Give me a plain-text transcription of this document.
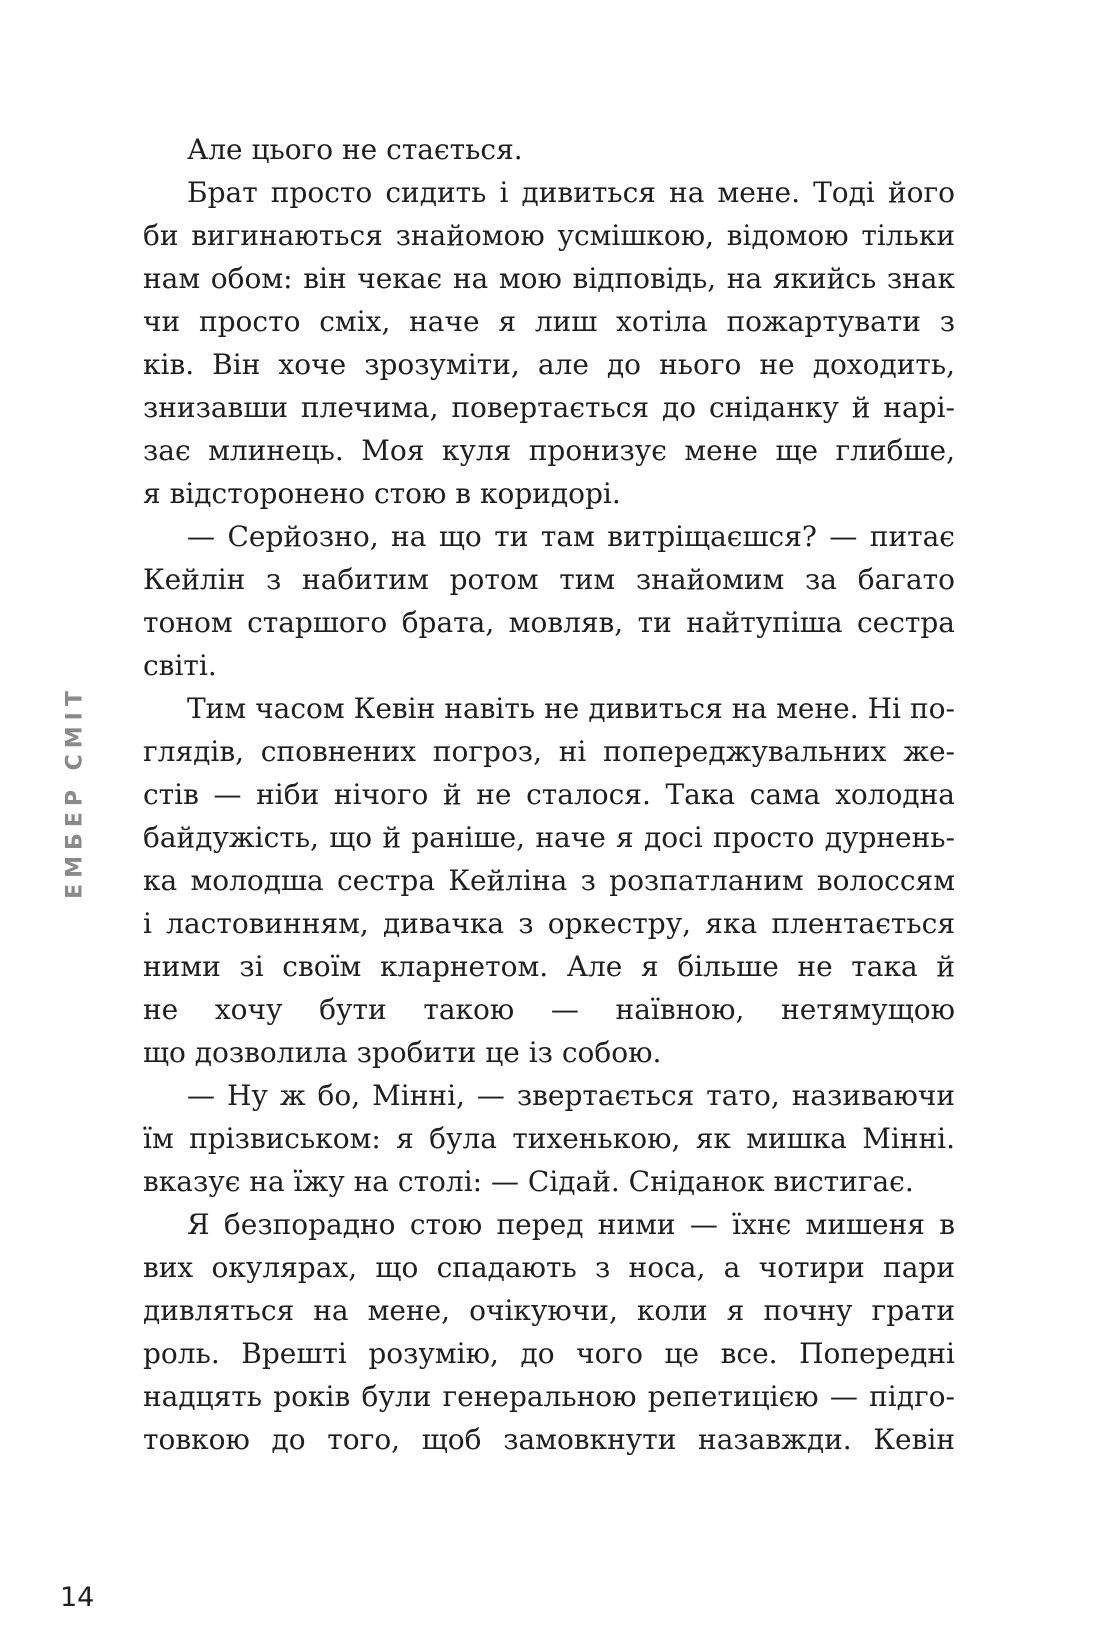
Але цього не стається.
Брат просто сидить і дивиться на мене. Тоді його
би вигинаються знайомою усмішкою, відомою тільки
нам обом: він чекає на мою відповідь, на якийсь знак
чи просто сміх, наче я лиш хотіла пожартувати з
ків. Він хоче зрозуміти, але до нього не доходить,
знизавши плечима, повертається до сніданку й нарі-
зає млинець. Моя куля пронизує мене ще глибше,
я відсторонено стою в коридорі.
— Серйозно, на що ти там витріщаєшся? — питає
Кейлін з набитим ротом тим знайомим за багато
тоном старшого брата, мовляв, ти найтупіша сестра
світі.
Тим часом Кевін навіть не дивиться на мене. Ні по-
глядів, сповнених погроз, ні попереджувальних же-
стів — ніби нічого й не сталося. Така сама холодна
байдужість, що й раніше, наче я досі просто дурнень-
ка молодша сестра Кейліна з розпатланим волоссям
і ластовинням, дивачка з оркестру, яка плентається
ними зі своїм кларнетом. Але я більше не така й
не хочу бути такою — наївною, нетямущою
що дозволила зробити це із собою.
— Ну ж бо, Мінні, — звертається тато, називаючи
їм прізвиськом: я була тихенькою, як мишка Мінні.
вказує на їжу на столі: — Сідай. Сніданок вистигає.
Я безпорадно стою перед ними — їхнє мишеня в
вих окулярах, що спадають з носа, а чотири пари
дивляться на мене, очікуючи, коли я почну грати
роль. Врешті розумію, до чого це все. Попередні
надцять років були генеральною репетицією — підго-
товкою до того, щоб замовкнути назавжди. Кевін
ЕМБЕР СМІТ
14
